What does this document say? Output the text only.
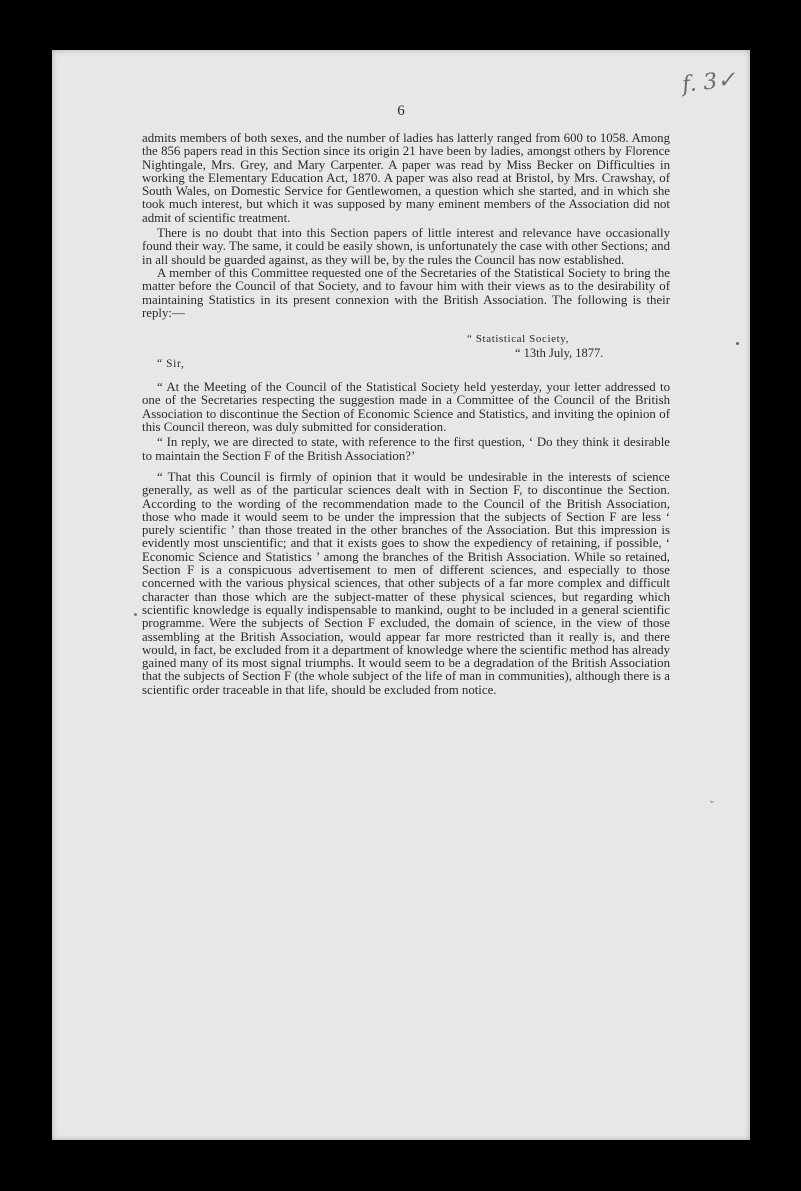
f. 3✓
6

admits members of both sexes, and the number of ladies has latterly ranged from 600 to 1058. Among the 856 papers read in this Section since its origin 21 have been by ladies, amongst others by Florence Nightingale, Mrs. Grey, and Mary Carpenter. A paper was read by Miss Becker on Difficulties in working the Elementary Education Act, 1870. A paper was also read at Bristol, by Mrs. Crawshay, of South Wales, on Domestic Service for Gentlewomen, a question which she started, and in which she took much interest, but which it was supposed by many eminent members of the Association did not admit of scientific treatment.

There is no doubt that into this Section papers of little interest and relevance have occasionally found their way. The same, it could be easily shown, is unfortunately the case with other Sections; and in all should be guarded against, as they will be, by the rules the Council has now established.

A member of this Committee requested one of the Secretaries of the Statistical Society to bring the matter before the Council of that Society, and to favour him with their views as to the desirability of maintaining Statistics in its present connexion with the British Association. The following is their reply:—

“ Statistical Society,
“ 13th July, 1877.
“ Sir,

“ At the Meeting of the Council of the Statistical Society held yesterday, your letter addressed to one of the Secretaries respecting the suggestion made in a Committee of the Council of the British Association to discontinue the Section of Economic Science and Statistics, and inviting the opinion of this Council thereon, was duly submitted for consideration.

“ In reply, we are directed to state, with reference to the first question, ‘ Do they think it desirable to maintain the Section F of the British Association?’

“ That this Council is firmly of opinion that it would be undesirable in the interests of science generally, as well as of the particular sciences dealt with in Section F, to discontinue the Section. According to the wording of the recommendation made to the Council of the British Association, those who made it would seem to be under the impression that the subjects of Section F are less ‘ purely scientific ’ than those treated in the other branches of the Association. But this impression is evidently most unscientific; and that it exists goes to show the expediency of retaining, if possible, ‘ Economic Science and Statistics ’ among the branches of the British Association. While so retained, Section F is a conspicuous advertisement to men of different sciences, and especially to those concerned with the various physical sciences, that other subjects of a far more complex and difficult character than those which are the subject-matter of these physical sciences, but regarding which scientific knowledge is equally indispensable to mankind, ought to be included in a general scientific programme. Were the subjects of Section F excluded, the domain of science, in the view of those assembling at the British Association, would appear far more restricted than it really is, and there would, in fact, be excluded from it a department of knowledge where the scientific method has already gained many of its most signal triumphs. It would seem to be a degradation of the British Association that the subjects of Section F (the whole subject of the life of man in communities), although there is a scientific order traceable in that life, should be excluded from notice.

⌄
